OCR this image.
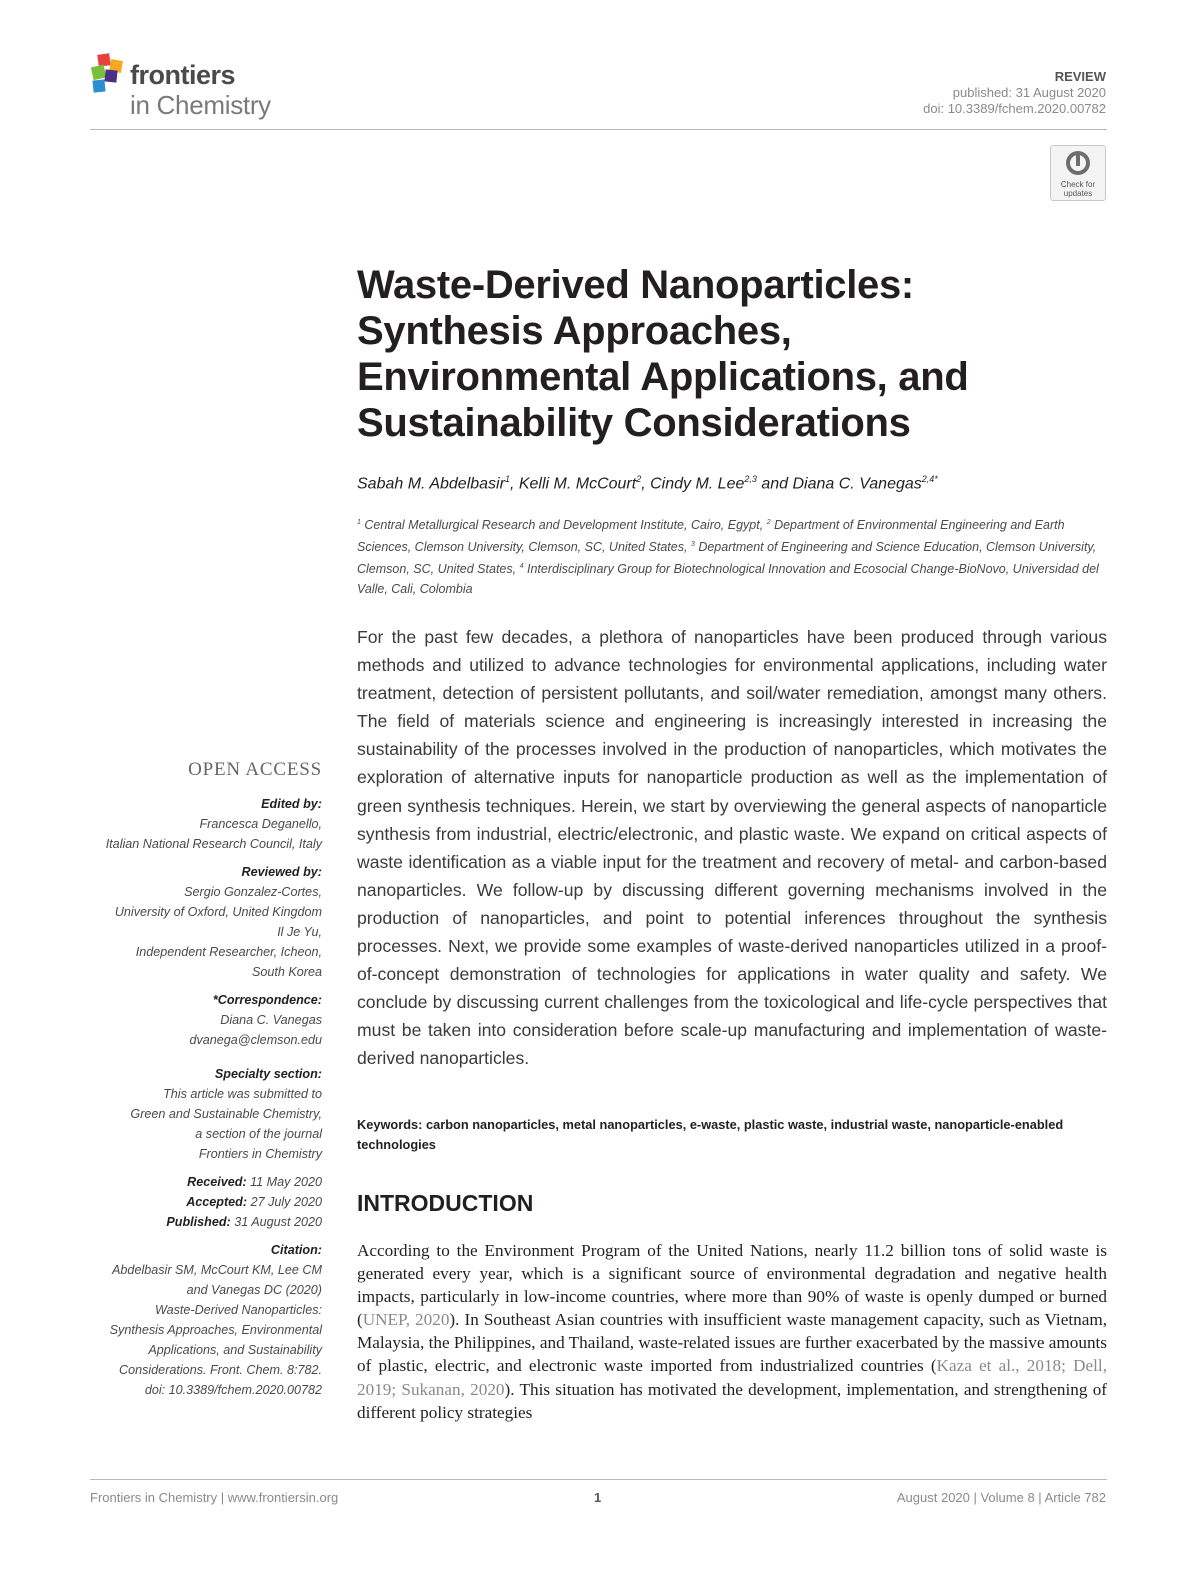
frontiers
in Chemistry
REVIEW
published: 31 August 2020
doi: 10.3389/fchem.2020.00782
Check for updates
Waste-Derived Nanoparticles:
Synthesis Approaches,
Environmental Applications, and
Sustainability Considerations
Sabah M. Abdelbasir$^1$, Kelli M. McCourt$^2$, Cindy M. Lee$^{2,3}$ and Diana C. Vanegas$^{2,4*}$
$^1$ Central Metallurgical Research and Development Institute, Cairo, Egypt, $^2$ Department of Environmental Engineering and Earth Sciences, Clemson University, Clemson, SC, United States, $^3$ Department of Engineering and Science Education, Clemson University, Clemson, SC, United States, $^4$ Interdisciplinary Group for Biotechnological Innovation and Ecosocial Change-BioNovo, Universidad del Valle, Cali, Colombia
For the past few decades, a plethora of nanoparticles have been produced through various methods and utilized to advance technologies for environmental applications, including water treatment, detection of persistent pollutants, and soil/water remediation, amongst many others. The field of materials science and engineering is increasingly interested in increasing the sustainability of the processes involved in the production of nanoparticles, which motivates the exploration of alternative inputs for nanoparticle production as well as the implementation of green synthesis techniques. Herein, we start by overviewing the general aspects of nanoparticle synthesis from industrial, electric/electronic, and plastic waste. We expand on critical aspects of waste identification as a viable input for the treatment and recovery of metal- and carbon-based nanoparticles. We follow-up by discussing different governing mechanisms involved in the production of nanoparticles, and point to potential inferences throughout the synthesis processes. Next, we provide some examples of waste-derived nanoparticles utilized in a proof-of-concept demonstration of technologies for applications in water quality and safety. We conclude by discussing current challenges from the toxicological and life-cycle perspectives that must be taken into consideration before scale-up manufacturing and implementation of waste-derived nanoparticles.
Keywords: carbon nanoparticles, metal nanoparticles, e-waste, plastic waste, industrial waste, nanoparticle-enabled technologies
INTRODUCTION
According to the Environment Program of the United Nations, nearly 11.2 billion tons of solid waste is generated every year, which is a significant source of environmental degradation and negative health impacts, particularly in low-income countries, where more than 90% of waste is openly dumped or burned (UNEP, 2020). In Southeast Asian countries with insufficient waste management capacity, such as Vietnam, Malaysia, the Philippines, and Thailand, waste-related issues are further exacerbated by the massive amounts of plastic, electric, and electronic waste imported from industrialized countries (Kaza et al., 2018; Dell, 2019; Sukanan, 2020). This situation has motivated the development, implementation, and strengthening of different policy strategies
OPEN ACCESS
Edited by:
Francesca Deganello,
Italian National Research Council, Italy
Reviewed by:
Sergio Gonzalez-Cortes,
University of Oxford, United Kingdom
Il Je Yu,
Independent Researcher, Icheon,
South Korea
*Correspondence:
Diana C. Vanegas
dvanega@clemson.edu
Specialty section:
This article was submitted to
Green and Sustainable Chemistry,
a section of the journal
Frontiers in Chemistry
Received: 11 May 2020
Accepted: 27 July 2020
Published: 31 August 2020
Citation:
Abdelbasir SM, McCourt KM, Lee CM
and Vanegas DC (2020)
Waste-Derived Nanoparticles:
Synthesis Approaches, Environmental
Applications, and Sustainability
Considerations. Front. Chem. 8:782.
doi: 10.3389/fchem.2020.00782
Frontiers in Chemistry | www.frontiersin.org	1	August 2020 | Volume 8 | Article 782
